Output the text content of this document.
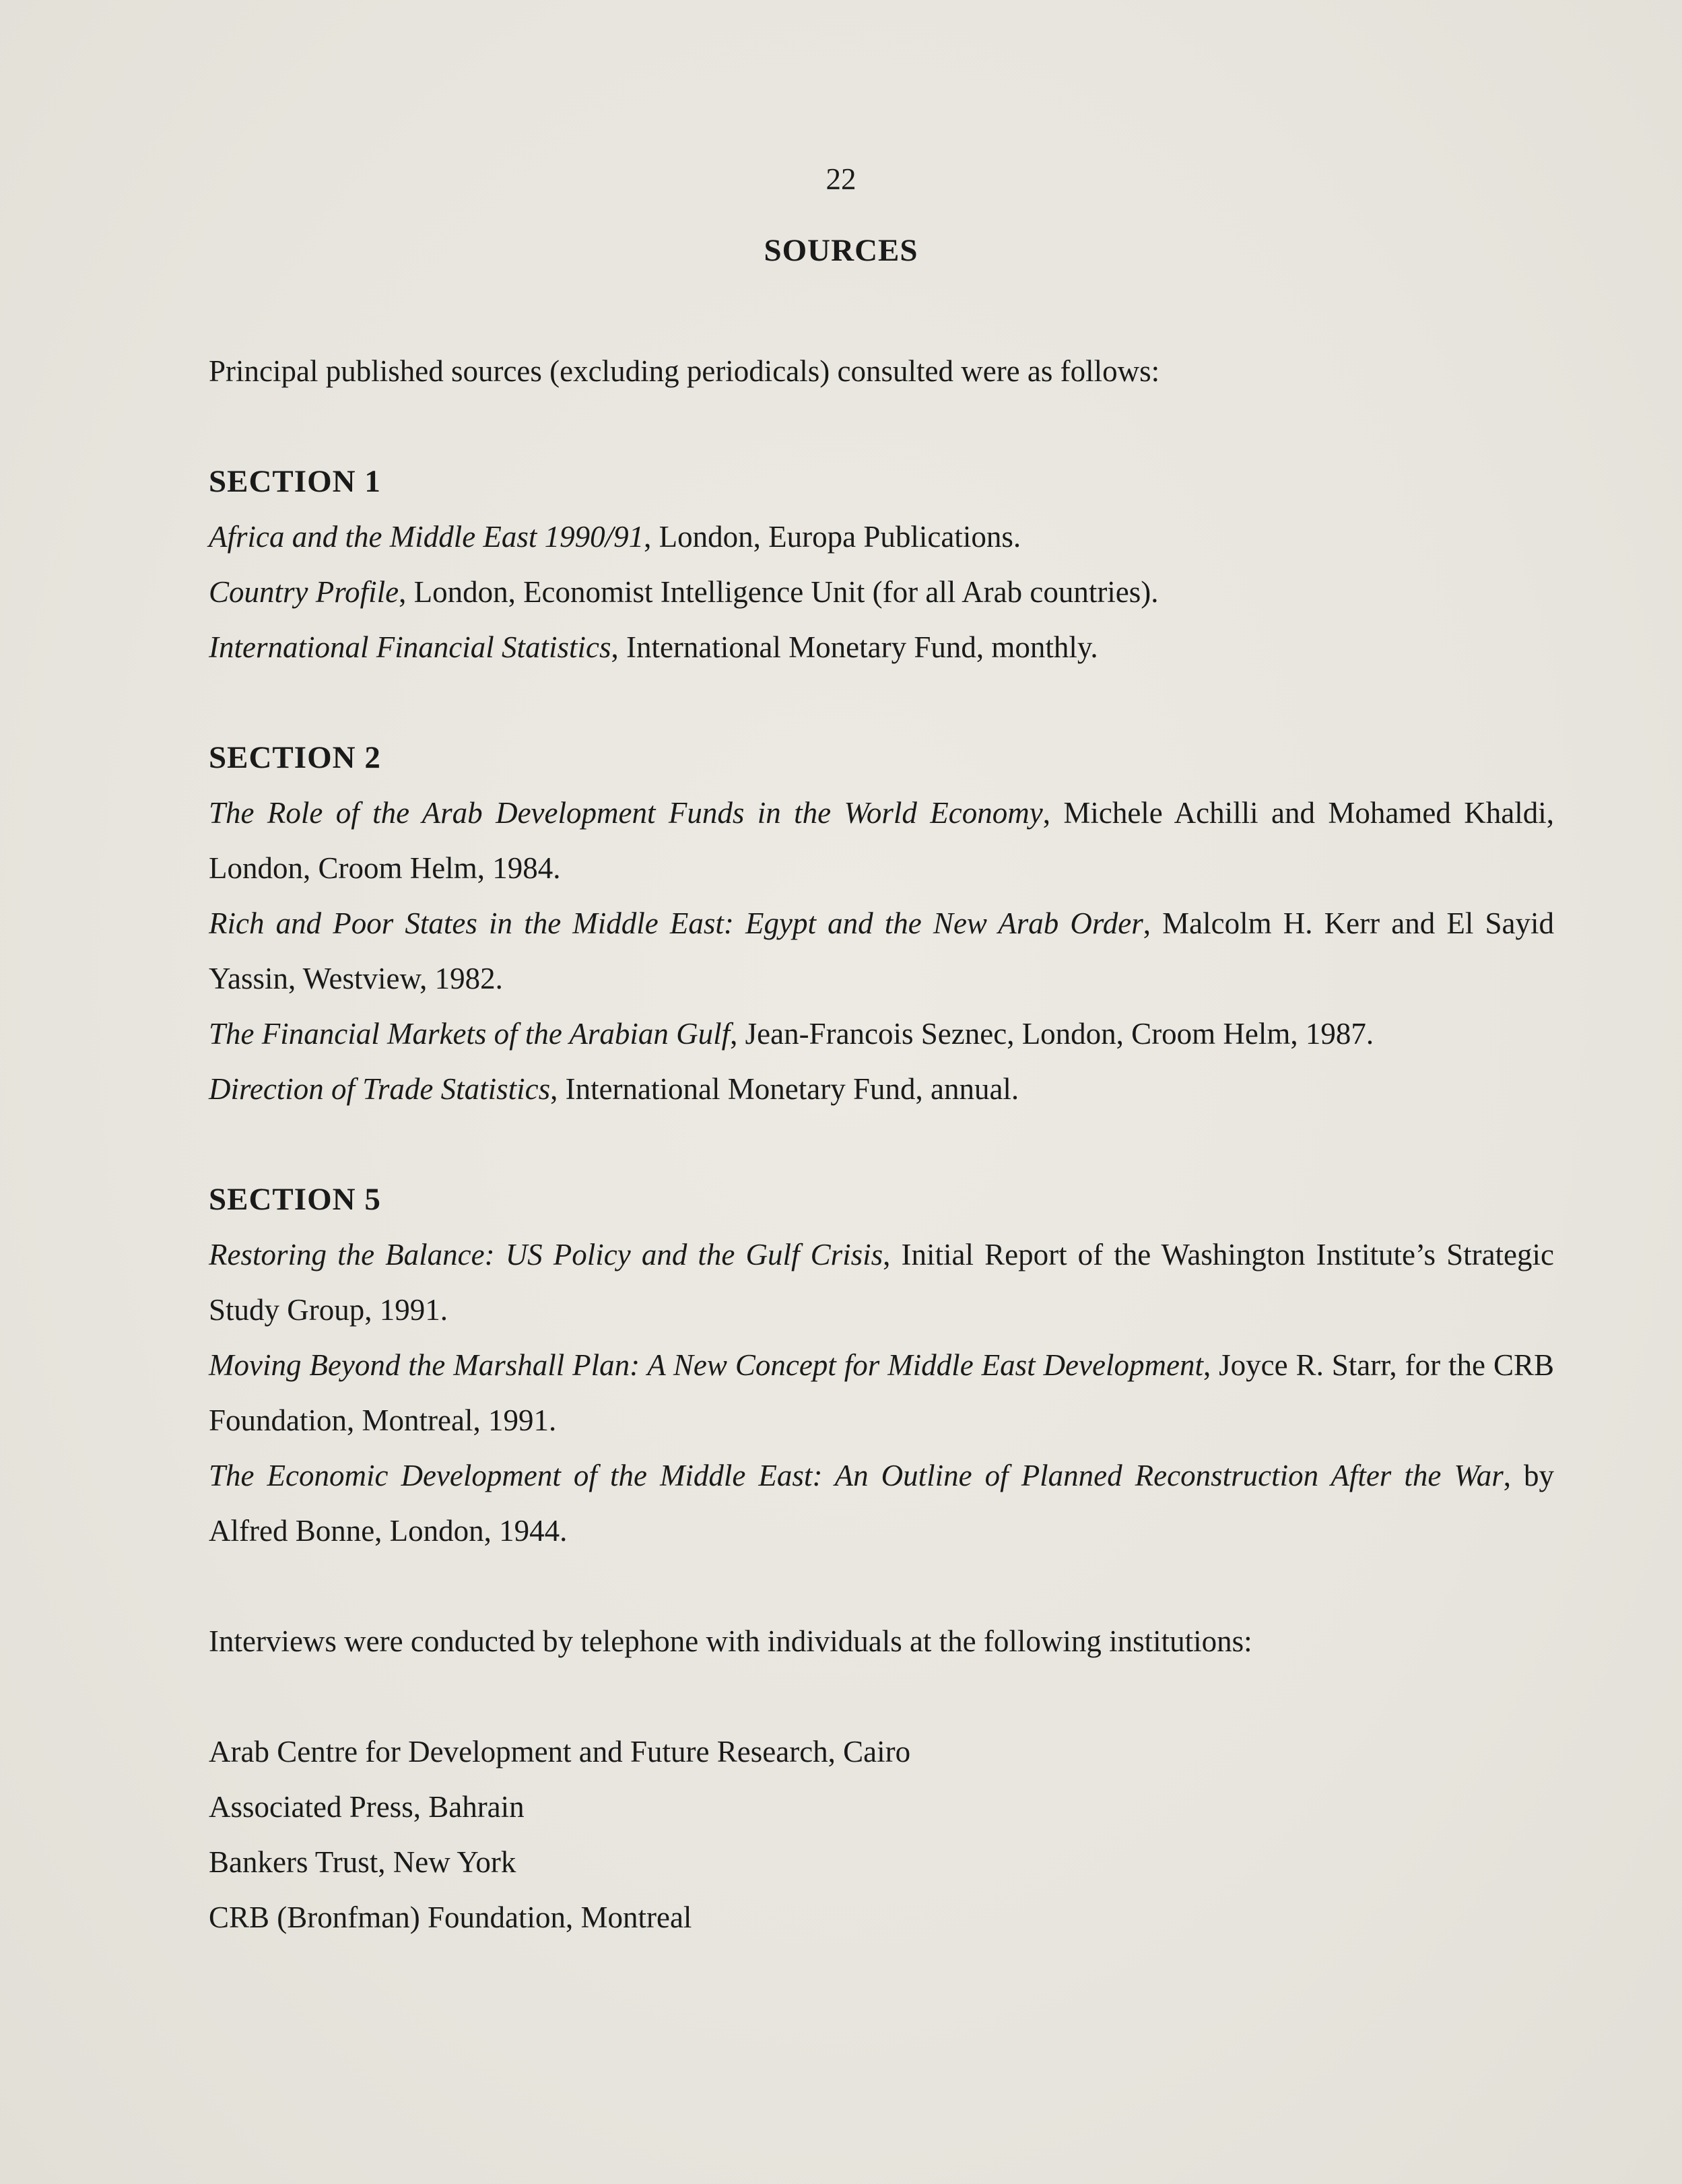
22
SOURCES

Principal published sources (excluding periodicals) consulted were as follows:

SECTION 1
Africa and the Middle East 1990/91, London, Europa Publications.
Country Profile, London, Economist Intelligence Unit (for all Arab countries).
International Financial Statistics, International Monetary Fund, monthly.
SECTION 2
The Role of the Arab Development Funds in the World Economy, Michele Achilli and Mohamed Khaldi, London, Croom Helm, 1984.
Rich and Poor States in the Middle East: Egypt and the New Arab Order, Malcolm H. Kerr and El Sayid Yassin, Westview, 1982.
The Financial Markets of the Arabian Gulf, Jean-Francois Seznec, London, Croom Helm, 1987.
Direction of Trade Statistics, International Monetary Fund, annual.
SECTION 5
Restoring the Balance: US Policy and the Gulf Crisis, Initial Report of the Washington Institute’s Strategic Study Group, 1991.
Moving Beyond the Marshall Plan: A New Concept for Middle East Development, Joyce R. Starr, for the CRB Foundation, Montreal, 1991.
The Economic Development of the Middle East: An Outline of Planned Reconstruction After the War, by Alfred Bonne, London, 1944.
Interviews were conducted by telephone with individuals at the following institutions:
Arab Centre for Development and Future Research, Cairo
Associated Press, Bahrain
Bankers Trust, New York
CRB (Bronfman) Foundation, Montreal
